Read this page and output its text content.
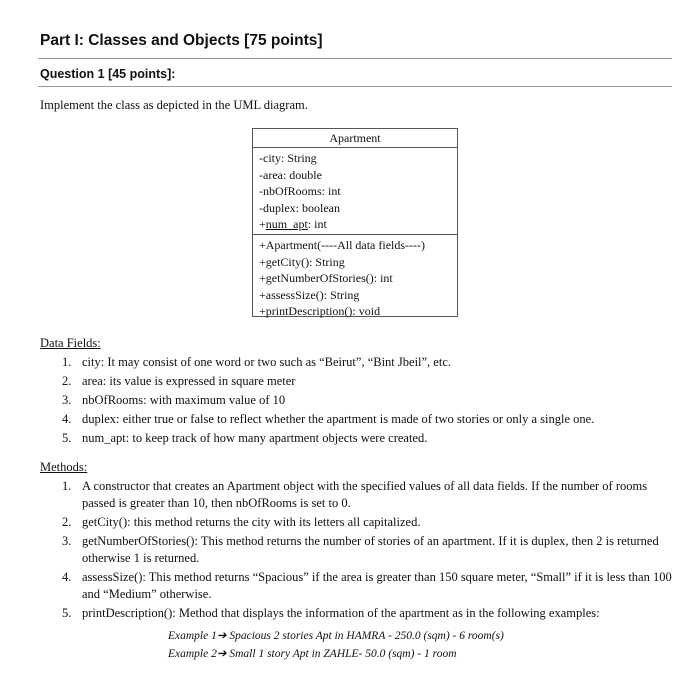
Part I: Classes and Objects [75 points]
Question 1 [45 points]:
Implement the class as depicted in the UML diagram.
Apartment
-city: String
-area: double
-nbOfRooms: int
-duplex: boolean
+num_apt: int
+Apartment(----All data fields----)
+getCity(): String
+getNumberOfStories(): int
+assessSize(): String
+printDescription(): void
Data Fields:
1. city: It may consist of one word or two such as “Beirut”, “Bint Jbeil”, etc.
2. area: its value is expressed in square meter
3. nbOfRooms: with maximum value of 10
4. duplex: either true or false to reflect whether the apartment is made of two stories or only a single one.
5. num_apt: to keep track of how many apartment objects were created.
Methods:
1. A constructor that creates an Apartment object with the specified values of all data fields. If the number of rooms passed is greater than 10, then nbOfRooms is set to 0.
2. getCity(): this method returns the city with its letters all capitalized.
3. getNumberOfStories(): This method returns the number of stories of an apartment. If it is duplex, then 2 is returned otherwise 1 is returned.
4. assessSize(): This method returns “Spacious” if the area is greater than 150 square meter, “Small” if it is less than 100 and “Medium” otherwise.
5. printDescription(): Method that displays the information of the apartment as in the following examples:
Example 1➔ Spacious 2 stories Apt in HAMRA - 250.0 (sqm) - 6 room(s)
Example 2➔ Small 1 story Apt in ZAHLE- 50.0 (sqm) - 1 room
